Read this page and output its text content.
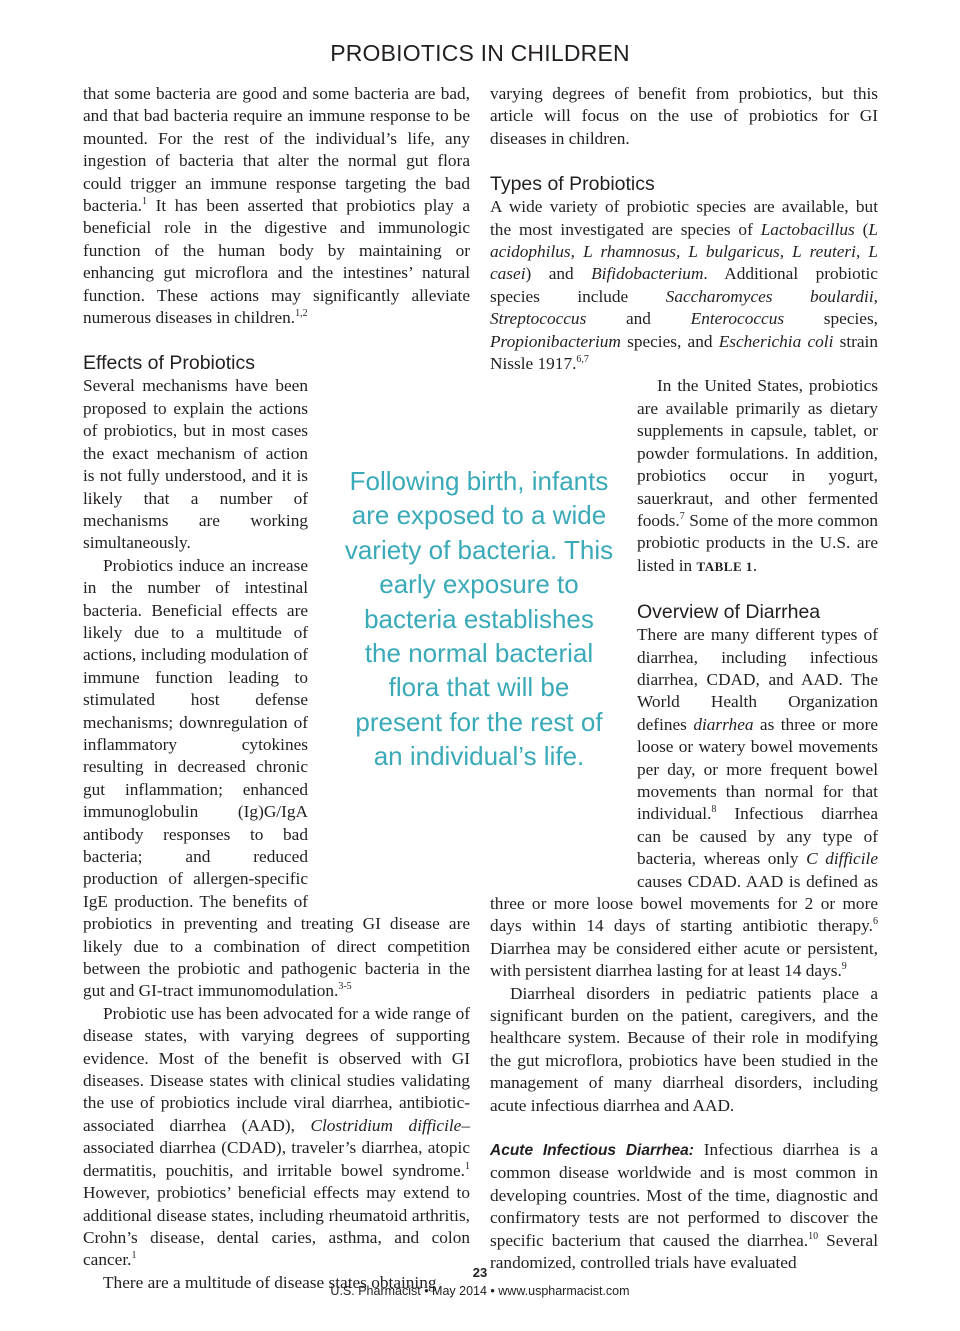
PROBIOTICS IN CHILDREN

that some bacteria are good and some bacteria are bad, and that bad bacteria require an immune response to be mounted. For the rest of the individual’s life, any ingestion of bacteria that alter the normal gut flora could trigger an immune response targeting the bad bacteria.$^1$ It has been asserted that probiotics play a beneficial role in the digestive and immunologic function of the human body by maintaining or enhancing gut microflora and the intestines’ natural function. These actions may significantly alleviate numerous diseases in children.$^{1,2}$

Effects of Probiotics

Several mechanisms have been proposed to explain the actions of probiotics, but in most cases the exact mechanism of action is not fully understood, and it is likely that a number of mechanisms are working simultaneously.

Probiotics induce an increase in the number of intestinal bacteria. Beneficial effects are likely due to a multitude of actions, including modulation of immune function leading to stimulated host defense mechanisms; downregulation of inflammatory cytokines resulting in decreased chronic gut inflammation; enhanced immunoglobulin (Ig)G/IgA antibody responses to bad bacteria; and reduced production of allergen-specific IgE production. The benefits of probiotics in preventing and treating GI disease are likely due to a combination of direct competition between the probiotic and pathogenic bacteria in the gut and GI-tract immunomodulation.$^{3-5}$

Probiotic use has been advocated for a wide range of disease states, with varying degrees of supporting evidence. Most of the benefit is observed with GI diseases. Disease states with clinical studies validating the use of probiotics include viral diarrhea, antibiotic-associated diarrhea (AAD), Clostridium difficile–associated diarrhea (CDAD), traveler’s diarrhea, atopic dermatitis, pouchitis, and irritable bowel syndrome.$^1$ However, probiotics’ beneficial effects may extend to additional disease states, including rheumatoid arthritis, Crohn’s disease, dental caries, asthma, and colon cancer.$^1$

There are a multitude of disease states obtaining

varying degrees of benefit from probiotics, but this article will focus on the use of probiotics for GI diseases in children.

Types of Probiotics

A wide variety of probiotic species are available, but the most investigated are species of Lactobacillus (L acidophilus, L rhamnosus, L bulgaricus, L reuteri, L casei) and Bifidobacterium. Additional probiotic species include Saccharomyces boulardii, Streptococcus and Enterococcus species, Propionibacterium species, and Escherichia coli strain Nissle 1917.$^{6,7}$

In the United States, probiotics are available primarily as dietary supplements in capsule, tablet, or powder formulations. In addition, probiotics occur in yogurt, sauerkraut, and other fermented foods.$^7$ Some of the more common probiotic products in the U.S. are listed in TABLE 1.

Overview of Diarrhea

There are many different types of diarrhea, including infectious diarrhea, CDAD, and AAD. The World Health Organization defines diarrhea as three or more loose or watery bowel movements per day, or more frequent bowel movements than normal for that individual.$^8$ Infectious diarrhea can be caused by any type of bacteria, whereas only C difficile causes CDAD. AAD is defined as three or more loose bowel movements for 2 or more days within 14 days of starting antibiotic therapy.$^6$ Diarrhea may be considered either acute or persistent, with persistent diarrhea lasting for at least 14 days.$^9$

Diarrheal disorders in pediatric patients place a significant burden on the patient, caregivers, and the healthcare system. Because of their role in modifying the gut microflora, probiotics have been studied in the management of many diarrheal disorders, including acute infectious diarrhea and AAD.

Acute Infectious Diarrhea: Infectious diarrhea is a common disease worldwide and is most common in developing countries. Most of the time, diagnostic and confirmatory tests are not performed to discover the specific bacterium that caused the diarrhea.$^{10}$ Several randomized, controlled trials have evaluated

Following birth, infants are exposed to a wide variety of bacteria. This early exposure to bacteria establishes the normal bacterial flora that will be present for the rest of an individual’s life.
23
U.S. Pharmacist • May 2014 • www.uspharmacist.com
